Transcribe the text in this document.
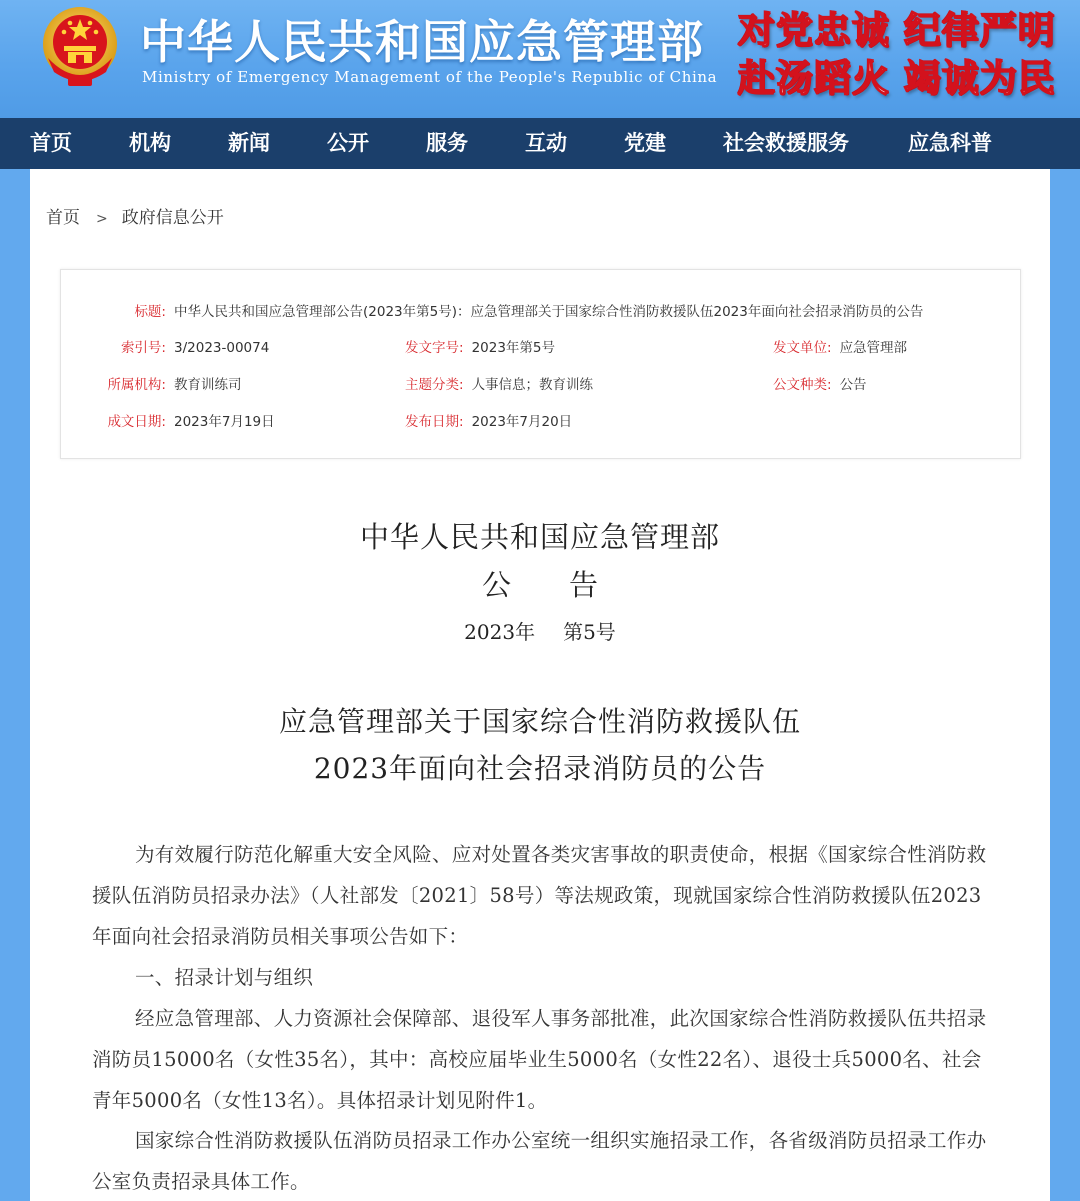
中华人民共和国应急管理部
Ministry of Emergency Management of the People's Republic of China
对党忠诚 纪律严明
赴汤蹈火 竭诚为民
首页	机构	新闻	公开	服务	互动	党建	社会救援服务	应急科普
首页 > 政府信息公开
标题: 中华人民共和国应急管理部公告(2023年第5号)：应急管理部关于国家综合性消防救援队伍2023年面向社会招录消防员的公告
索引号: 3/2023-00074	发文字号: 2023年第5号	发文单位: 应急管理部
所属机构: 教育训练司	主题分类: 人事信息；教育训练	公文种类: 公告
成文日期: 2023年7月19日	发布日期: 2023年7月20日
中华人民共和国应急管理部
公　　告
2023年 第5号
应急管理部关于国家综合性消防救援队伍
2023年面向社会招录消防员的公告
为有效履行防范化解重大安全风险、应对处置各类灾害事故的职责使命，根据《国家综合性消防救援队伍消防员招录办法》（人社部发〔2021〕58号）等法规政策，现就国家综合性消防救援队伍2023年面向社会招录消防员相关事项公告如下：
一、招录计划与组织
经应急管理部、人力资源社会保障部、退役军人事务部批准，此次国家综合性消防救援队伍共招录消防员15000名（女性35名），其中：高校应届毕业生5000名（女性22名）、退役士兵5000名、社会青年5000名（女性13名）。具体招录计划见附件1。
国家综合性消防救援队伍消防员招录工作办公室统一组织实施招录工作，各省级消防员招录工作办公室负责招录具体工作。
